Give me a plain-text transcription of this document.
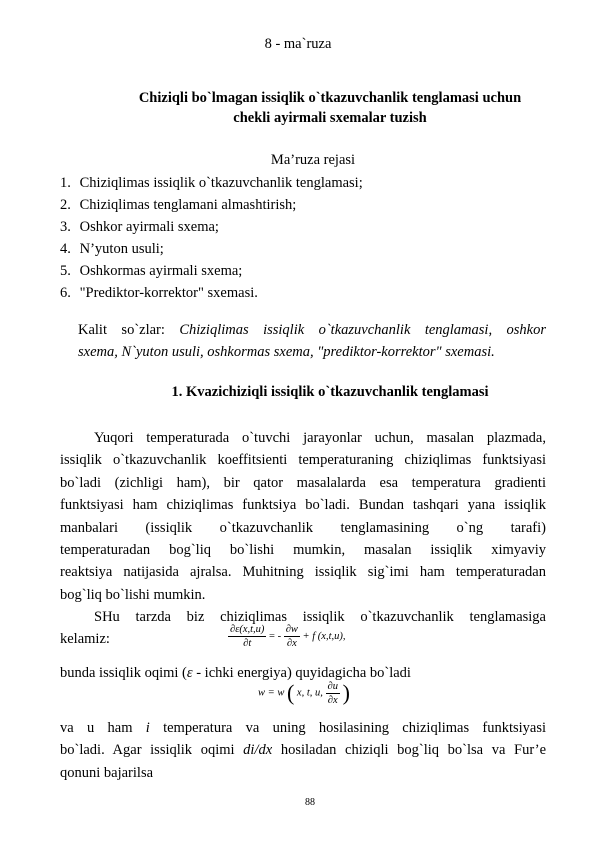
8 - ma`ruza
Chiziqli bo`lmagan issiqlik o`tkazuvchanlik tenglamasi uchun
chekli ayirmali sxemalar tuzish
Ma’ruza rejasi
1. Chiziqlimas issiqlik o`tkazuvchanlik tenglamasi;
2. Chiziqlimas tenglamani almashtirish;
3. Oshkor ayirmali sxema;
4. N’yuton usuli;
5. Oshkormas ayirmali sxema;
6. "Prediktor-korrektor" sxemasi.
Kalit so`zlar: Chiziqlimas issiqlik o`tkazuvchanlik tenglamasi, oshkor
sxema, N`yuton usuli, oshkormas sxema, "prediktor-korrektor" sxemasi.
1. Kvazichiziqli issiqlik o`tkazuvchanlik tenglamasi
Yuqori temperaturada o`tuvchi jarayonlar uchun, masalan plazmada,
issiqlik o`tkazuvchanlik koeffitsienti temperaturaning chiziqlimas funktsiyasi
bo`ladi (zichligi ham), bir qator masalalarda esa temperatura gradienti
funktsiyasi ham chiziqlimas funktsiya bo`ladi. Bundan tashqari yana issiqlik
manbalari (issiqlik o`tkazuvchanlik tenglamasining o`ng tarafi)
temperaturadan bog`liq bo`lishi mumkin, masalan issiqlik ximyaviy
reaktsiya natijasida ajralsa. Muhitning issiqlik sig`imi ham temperaturadan
bog`liq bo`lishi mumkin.
SHu tarzda biz chiziqlimas issiqlik o`tkazuvchanlik tenglamasiga
kelamiz:	$\frac{\partial\varepsilon(x,t,u)}{\partial t}$ = - $\frac{\partial w}{\partial x} + f$ (x,t,u),
bunda issiqlik oqimi (ε - ichki energiya) quyidagicha bo`ladi
w = w ( x, t, u, $\frac{\partial u}{\partial x}$ )
va u ham i temperatura va uning hosilasining chiziqlimas funktsiyasi
bo`ladi. Agar issiqlik oqimi di/dx hosiladan chiziqli bog`liq bo`lsa va Fur’e
qonuni bajarilsa
88
